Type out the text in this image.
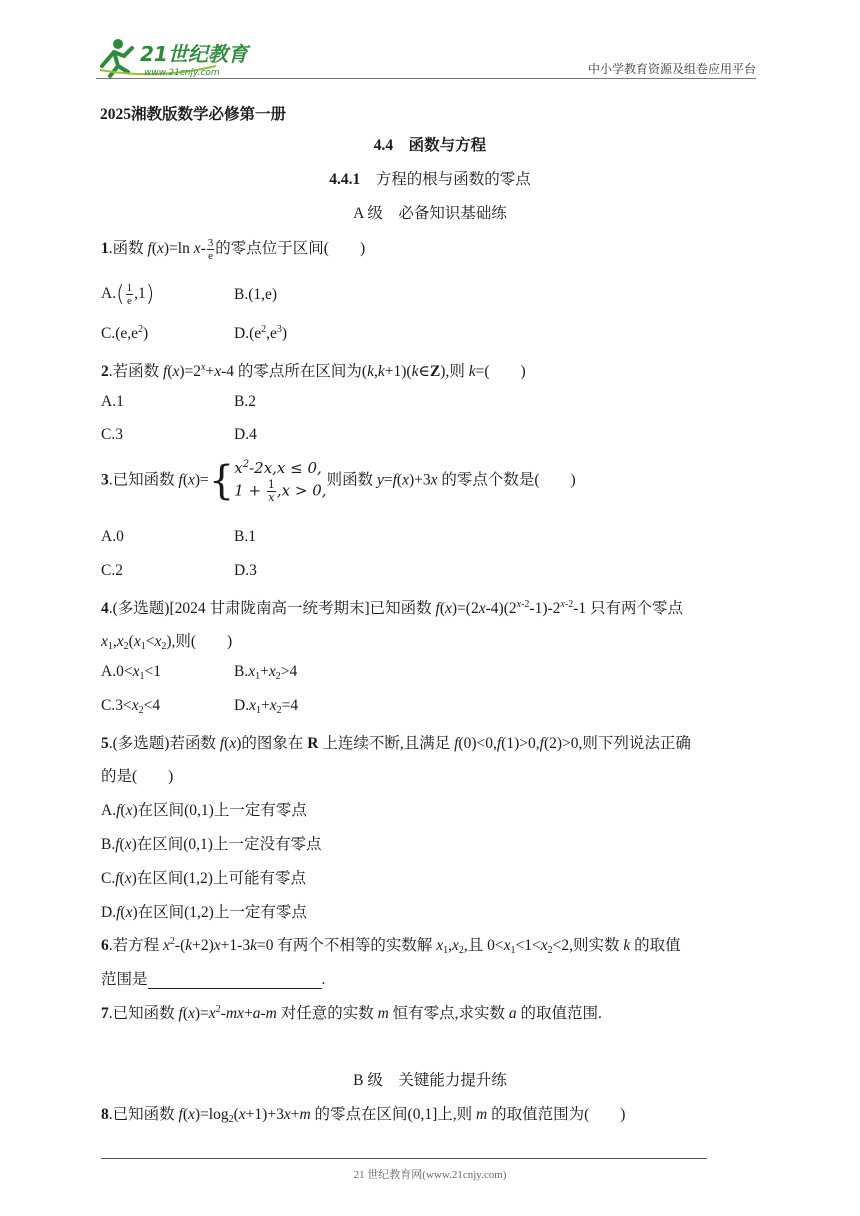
21世纪教育
www.21cnjy.com	中小学教育资源及组卷应用平台
2025湘教版数学必修第一册
4.4　函数与方程
4.4.1　方程的根与函数的零点
A 级　必备知识基础练
1.函数 f(x)=ln $x- \frac{3}{e}$ 的零点位于区间(　　)
$A.( \frac{1}{e} ,1)$	B.(1,e)
$C.(e,e^2)$	$D.(e^2,e^3)$
2.若函数 $f(x)=2^x+x-4$ 的零点所在区间为(k,k+1)(k∈Z),则 k=(　　)
A.1	B.2
C.3	D.4
3.已知函数 $f(x)=\{x^2-2x,x \le 0$,
$1 + \frac{1}{x} ,x > 0$,则函数 y=f(x)+3x 的零点个数是(　　)
A.0	B.1
C.2	D.3
4.(多选题)[2024 甘肃陇南高一统考期末]已知函数 $f(x)=(2x-4)(2^{x-2}-1)-2^{x-2}-1$ 只有两个零点
$x_1,x_2(x_1<x_2)$,则(　　)
$A.0<x_1<1$	$B.x_1+x_2>4$
$C.3<x_2<4$	$D.x_1+x_2=4$
5.(多选题)若函数 f(x)的图象在 R 上连续不断,且满足 f(0)<0,f(1)>0,f(2)>0,则下列说法正确
的是(　　)
A.f(x)在区间(0,1)上一定有零点
B.f(x)在区间(0,1)上一定没有零点
C.f(x)在区间(1,2)上可能有零点
D.f(x)在区间(1,2)上一定有零点
6.若方程 $x^2-(k+2)x+1-3k=0$ 有两个不相等的实数解 $x_1,x_2$,且 $0<x_1<1<x_2<2$,则实数 k 的取值
范围是	.
7.已知函数 $f(x)=x^2-mx+a-m$ 对任意的实数 m 恒有零点,求实数 a 的取值范围.
B 级　关键能力提升练
8.已知函数 $f(x)=\log_2(x+1)+3x+m$ 的零点在区间(0,1]上,则 m 的取值范围为(　　)
21 世纪教育网(www.21cnjy.com)
